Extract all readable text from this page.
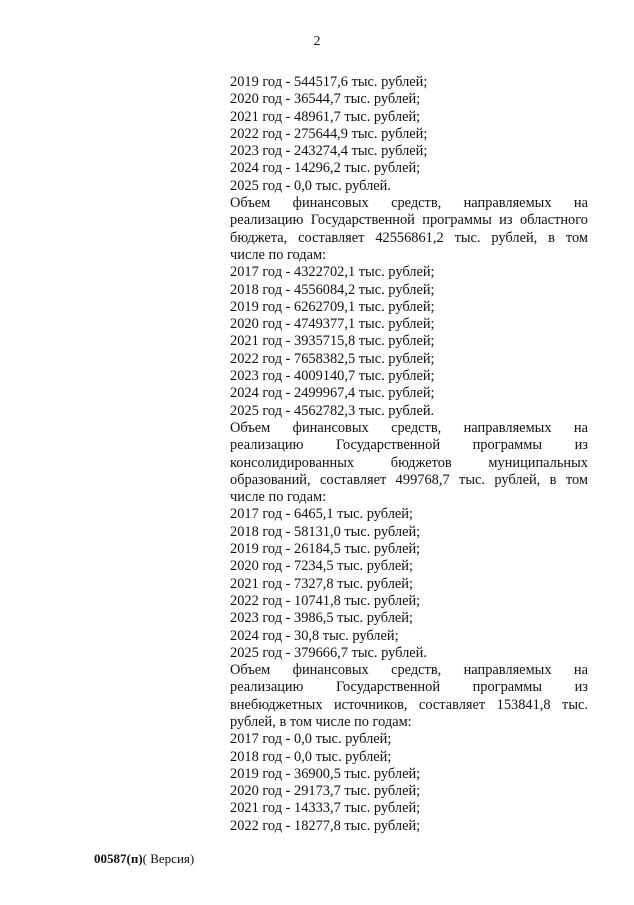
2
2019 год - 544517,6 тыс. рублей;
2020 год - 36544,7 тыс. рублей;
2021 год - 48961,7 тыс. рублей;
2022 год - 275644,9 тыс. рублей;
2023 год - 243274,4 тыс. рублей;
2024 год - 14296,2 тыс. рублей;
2025 год - 0,0 тыс. рублей.
Объем финансовых средств, направляемых на
реализацию Государственной программы из областного
бюджета, составляет 42556861,2 тыс. рублей, в том
числе по годам:
2017 год - 4322702,1 тыс. рублей;
2018 год - 4556084,2 тыс. рублей;
2019 год - 6262709,1 тыс. рублей;
2020 год - 4749377,1 тыс. рублей;
2021 год - 3935715,8 тыс. рублей;
2022 год - 7658382,5 тыс. рублей;
2023 год - 4009140,7 тыс. рублей;
2024 год - 2499967,4 тыс. рублей;
2025 год - 4562782,3 тыс. рублей.
Объем финансовых средств, направляемых на
реализацию Государственной программы из
консолидированных бюджетов муниципальных
образований, составляет 499768,7 тыс. рублей, в том
числе по годам:
2017 год - 6465,1 тыс. рублей;
2018 год - 58131,0 тыс. рублей;
2019 год - 26184,5 тыс. рублей;
2020 год - 7234,5 тыс. рублей;
2021 год - 7327,8 тыс. рублей;
2022 год - 10741,8 тыс. рублей;
2023 год - 3986,5 тыс. рублей;
2024 год - 30,8 тыс. рублей;
2025 год - 379666,7 тыс. рублей.
Объем финансовых средств, направляемых на
реализацию Государственной программы из
внебюджетных источников, составляет 153841,8 тыс.
рублей, в том числе по годам:
2017 год - 0,0 тыс. рублей;
2018 год - 0,0 тыс. рублей;
2019 год - 36900,5 тыс. рублей;
2020 год - 29173,7 тыс. рублей;
2021 год - 14333,7 тыс. рублей;
2022 год - 18277,8 тыс. рублей;
00587(п)( Версия)
